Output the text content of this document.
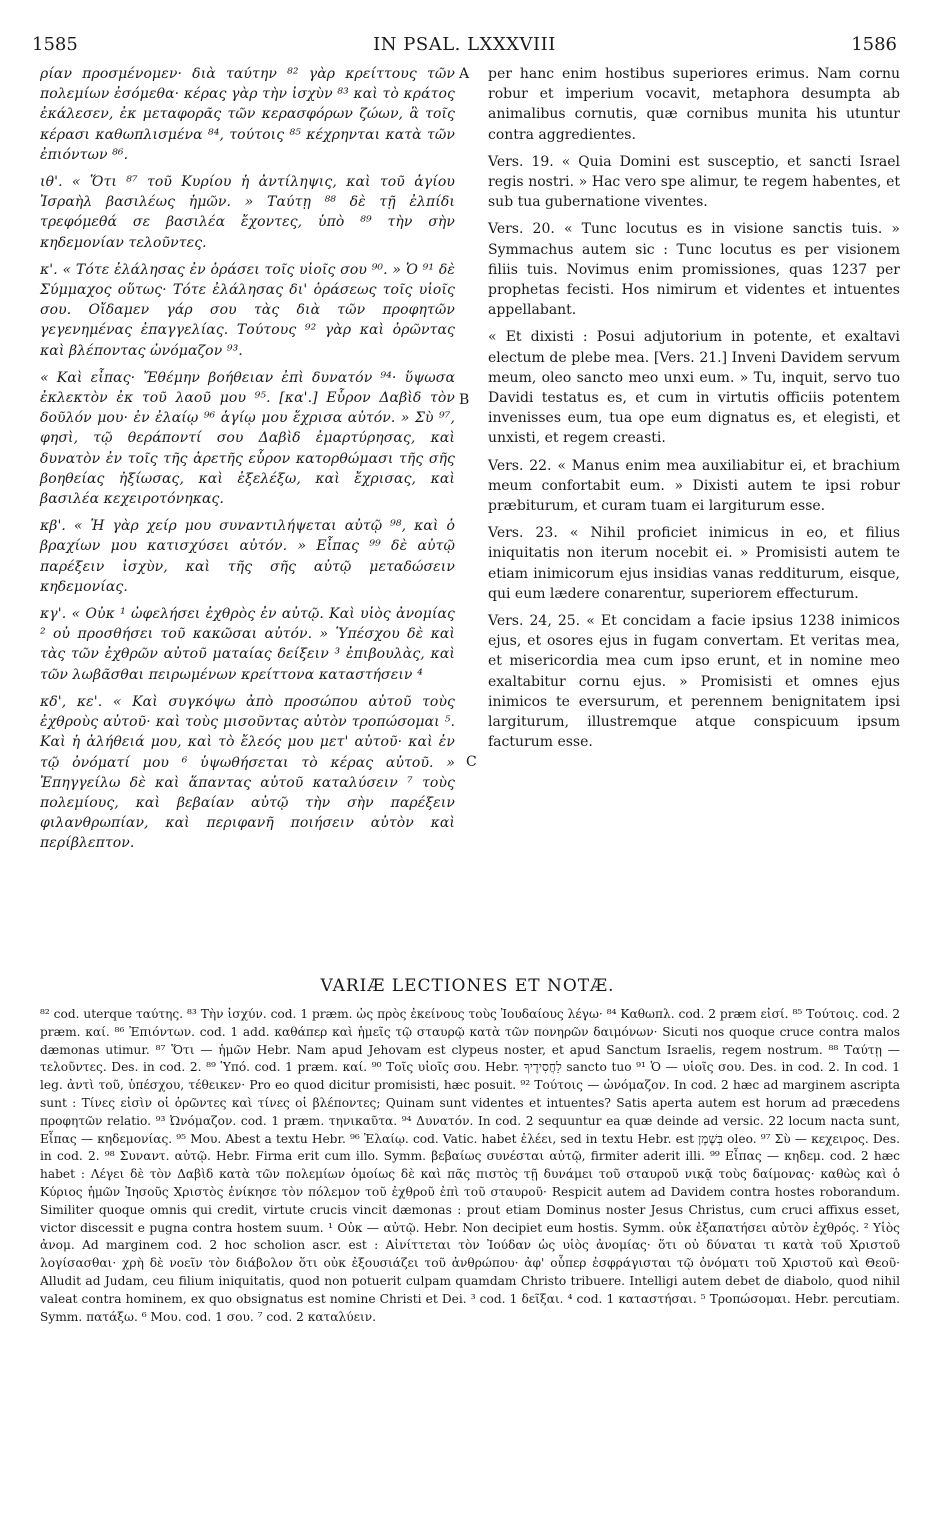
1585	IN PSAL. LXXXVIII	1586

ρίαν προσμένομεν· διὰ ταύτην ⁸² γὰρ κρείττους τῶν πολεμίων ἐσόμεθα· κέρας γὰρ τὴν ἰσχὺν ⁸³ καὶ τὸ κράτος ἐκάλεσεν, ἐκ μεταφορᾶς τῶν κερασφόρων ζώων, ἃ τοῖς κέρασι καθωπλισμένα ⁸⁴, τούτοις ⁸⁵ κέχρηνται κατὰ τῶν ἐπιόντων ⁸⁶.

ιθ'. « Ὅτι ⁸⁷ τοῦ Κυρίου ἡ ἀντίληψις, καὶ τοῦ ἁγίου Ἰσραὴλ βασιλέως ἡμῶν. » Ταύτῃ ⁸⁸ δὲ τῇ ἐλπίδι τρεφόμεθά σε βασιλέα ἔχοντες, ὑπὸ ⁸⁹ τὴν σὴν κηδεμονίαν τελοῦντες.

κ'. « Τότε ἐλάλησας ἐν ὁράσει τοῖς υἱοῖς σου ⁹⁰. » Ὁ ⁹¹ δὲ Σύμμαχος οὕτως· Τότε ἐλάλησας δι' ὁράσεως τοῖς υἱοῖς σου. Οἴδαμεν γάρ σου τὰς διὰ τῶν προφητῶν γεγενημένας ἐπαγγελίας. Τούτους ⁹² γὰρ καὶ ὁρῶντας καὶ βλέποντας ὠνόμαζον ⁹³.

« Καὶ εἶπας· Ἔθέμην βοήθειαν ἐπὶ δυνατόν ⁹⁴· ὕψωσα ἐκλεκτὸν ἐκ τοῦ λαοῦ μου ⁹⁵. [κα'.] Εὗρον Δαβὶδ τὸν δοῦλόν μου· ἐν ἐλαίῳ ⁹⁶ ἁγίῳ μου ἔχρισα αὐτόν. » Σὺ ⁹⁷, φησὶ, τῷ θεράποντί σου Δαβὶδ ἐμαρτύρησας, καὶ δυνατὸν ἐν τοῖς τῆς ἀρετῆς εὗρον κατορθώμασι τῆς σῆς βοηθείας ἠξίωσας, καὶ ἐξελέξω, καὶ ἔχρισας, καὶ βασιλέα κεχειροτόνηκας.

κβ'. « Ἡ γὰρ χείρ μου συναντιλήψεται αὐτῷ ⁹⁸, καὶ ὁ βραχίων μου κατισχύσει αὐτόν. » Εἶπας ⁹⁹ δὲ αὐτῷ παρέξειν ἰσχὺν, καὶ τῆς σῆς αὐτῷ μεταδώσειν κηδεμονίας.

κγ'. « Οὐκ ¹ ὠφελήσει ἐχθρὸς ἐν αὐτῷ. Καὶ υἱὸς ἀνομίας ² οὐ προσθήσει τοῦ κακῶσαι αὐτόν. » Ὑπέσχου δὲ καὶ τὰς τῶν ἐχθρῶν αὐτοῦ ματαίας δείξειν ³ ἐπιβουλὰς, καὶ τῶν λωβᾶσθαι πειρωμένων κρείττονα καταστήσειν ⁴

κδ', κε'. « Καὶ συγκόψω ἀπὸ προσώπου αὐτοῦ τοὺς ἐχθροὺς αὐτοῦ· καὶ τοὺς μισοῦντας αὐτὸν τροπώσομαι ⁵. Καὶ ἡ ἀλήθειά μου, καὶ τὸ ἔλεός μου μετ' αὐτοῦ· καὶ ἐν τῷ ὀνόματί μου ⁶ ὑψωθήσεται τὸ κέρας αὐτοῦ. » Ἐπηγγείλω δὲ καὶ ἅπαντας αὐτοῦ καταλύσειν ⁷ τοὺς πολεμίους, καὶ βεβαίαν αὐτῷ τὴν σὴν παρέξειν φιλανθρωπίαν, καὶ περιφανῆ ποιήσειν αὐτὸν καὶ περίβλεπτον.

A
B
C

per hanc enim hostibus superiores erimus. Nam cornu robur et imperium vocavit, metaphora desumpta ab animalibus cornutis, quæ cornibus munita his utuntur contra aggredientes.

Vers. 19. « Quia Domini est susceptio, et sancti Israel regis nostri. » Hac vero spe alimur, te regem habentes, et sub tua gubernatione viventes.

Vers. 20. « Tunc locutus es in visione sanctis tuis. » Symmachus autem sic : Tunc locutus es per visionem filiis tuis. Novimus enim promissiones, quas 1237 per prophetas fecisti. Hos nimirum et videntes et intuentes appellabant.

« Et dixisti : Posui adjutorium in potente, et exaltavi electum de plebe mea. [Vers. 21.] Inveni Davidem servum meum, oleo sancto meo unxi eum. » Tu, inquit, servo tuo Davidi testatus es, et cum in virtutis officiis potentem invenisses eum, tua ope eum dignatus es, et elegisti, et unxisti, et regem creasti.

Vers. 22. « Manus enim mea auxiliabitur ei, et brachium meum confortabit eum. » Dixisti autem te ipsi robur præbiturum, et curam tuam ei largiturum esse.

Vers. 23. « Nihil proficiet inimicus in eo, et filius iniquitatis non iterum nocebit ei. » Promisisti autem te etiam inimicorum ejus insidias vanas redditurum, eisque, qui eum lædere conarentur, superiorem effecturum.

Vers. 24, 25. « Et concidam a facie ipsius 1238 inimicos ejus, et osores ejus in fugam convertam. Et veritas mea, et misericordia mea cum ipso erunt, et in nomine meo exaltabitur cornu ejus. » Promisisti et omnes ejus inimicos te eversurum, et perennem benignitatem ipsi largiturum, illustremque atque conspicuum ipsum facturum esse.

VARIÆ LECTIONES ET NOTÆ.

⁸² cod. uterque ταύτης. ⁸³ Τὴν ἰσχύν. cod. 1 præm. ὡς πρὸς ἐκείνους τοὺς Ἰουδαίους λέγω· ⁸⁴ Καθωπλ. cod. 2 præm εἰσί. ⁸⁵ Τούτοις. cod. 2 præm. καί. ⁸⁶ Ἐπιόντων. cod. 1 add. καθάπερ καὶ ἡμεῖς τῷ σταυρῷ κατὰ τῶν πονηρῶν δαιμόνων· Sicuti nos quoque cruce contra malos dæmonas utimur. ⁸⁷ Ὅτι — ἡμῶν Hebr. Nam apud Jehovam est clypeus noster, et apud Sanctum Israelis, regem nostrum. ⁸⁸ Ταύτῃ — τελοῦντες. Des. in cod. 2. ⁸⁹ Ὑπό. cod. 1 præm. καί. ⁹⁰ Τοῖς υἱοῖς σου. Hebr. לַחֲסִידֶיךָ sancto tuo ⁹¹ Ὁ — υἱοῖς σου. Des. in cod. 2. In cod. 1 leg. ἀντὶ τοῦ, ὑπέσχου, τέθεικεν· Pro eo quod dicitur promisisti, hæc posuit. ⁹² Τούτοις — ὠνόμαζον. In cod. 2 hæc ad marginem ascripta sunt : Τίνες εἰσὶν οἱ ὁρῶντες καὶ τίνες οἱ βλέποντες; Quinam sunt videntes et intuentes? Satis aperta autem est horum ad præcedens προφητῶν relatio. ⁹³ Ὠνόμαζον. cod. 1 præm. τηνικαῦτα. ⁹⁴ Δυνατόν. In cod. 2 sequuntur ea quæ deinde ad versic. 22 locum nacta sunt, Εἶπας — κηδεμονίας. ⁹⁵ Μου. Abest a textu Hebr. ⁹⁶ Ἐλαίῳ. cod. Vatic. habet ἐλέει, sed in textu Hebr. est בְּשֶׁמֶן oleo. ⁹⁷ Σὺ — κεχειρος. Des. in cod. 2. ⁹⁸ Συναντ. αὐτῷ. Hebr. Firma erit cum illo. Symm. βεβαίως συνέσται αὐτῷ, firmiter aderit illi. ⁹⁹ Εἶπας — κηδεμ. cod. 2 hæc habet : Λέγει δὲ τὸν Δαβὶδ κατὰ τῶν πολεμίων ὁμοίως δὲ καὶ πᾶς πιστὸς τῇ δυνάμει τοῦ σταυροῦ νικᾷ τοὺς δαίμονας· καθὼς καὶ ὁ Κύριος ἡμῶν Ἰησοῦς Χριστὸς ἐνίκησε τὸν πόλεμον τοῦ ἐχθροῦ ἐπὶ τοῦ σταυροῦ· Respicit autem ad Davidem contra hostes roborandum. Similiter quoque omnis qui credit, virtute crucis vincit dæmonas : prout etiam Dominus noster Jesus Christus, cum cruci affixus esset, victor discessit e pugna contra hostem suum. ¹ Οὐκ — αὐτῷ. Hebr. Non decipiet eum hostis. Symm. οὐκ ἐξαπατήσει αὐτὸν ἐχθρός. ² Υἱὸς ἀνομ. Ad marginem cod. 2 hoc scholion ascr. est : Αἰνίττεται τὸν Ἰούδαν ὡς υἱὸς ἀνομίας· ὅτι οὐ δύναται τι κατὰ τοῦ Χριστοῦ λογίσασθαι· χρὴ δὲ νοεῖν τὸν διάβολον ὅτι οὐκ ἐξουσιάζει τοῦ ἀνθρώπου· ἀφ' οὗπερ ἐσφράγισται τῷ ὀνόματι τοῦ Χριστοῦ καὶ Θεοῦ· Alludit ad Judam, ceu filium iniquitatis, quod non potuerit culpam quamdam Christo tribuere. Intelligi autem debet de diabolo, quod nihil valeat contra hominem, ex quo obsignatus est nomine Christi et Dei. ³ cod. 1 δεῖξαι. ⁴ cod. 1 καταστήσαι. ⁵ Τροπώσομαι. Hebr. percutiam. Symm. πατάξω. ⁶ Μου. cod. 1 σου. ⁷ cod. 2 καταλύειν.
